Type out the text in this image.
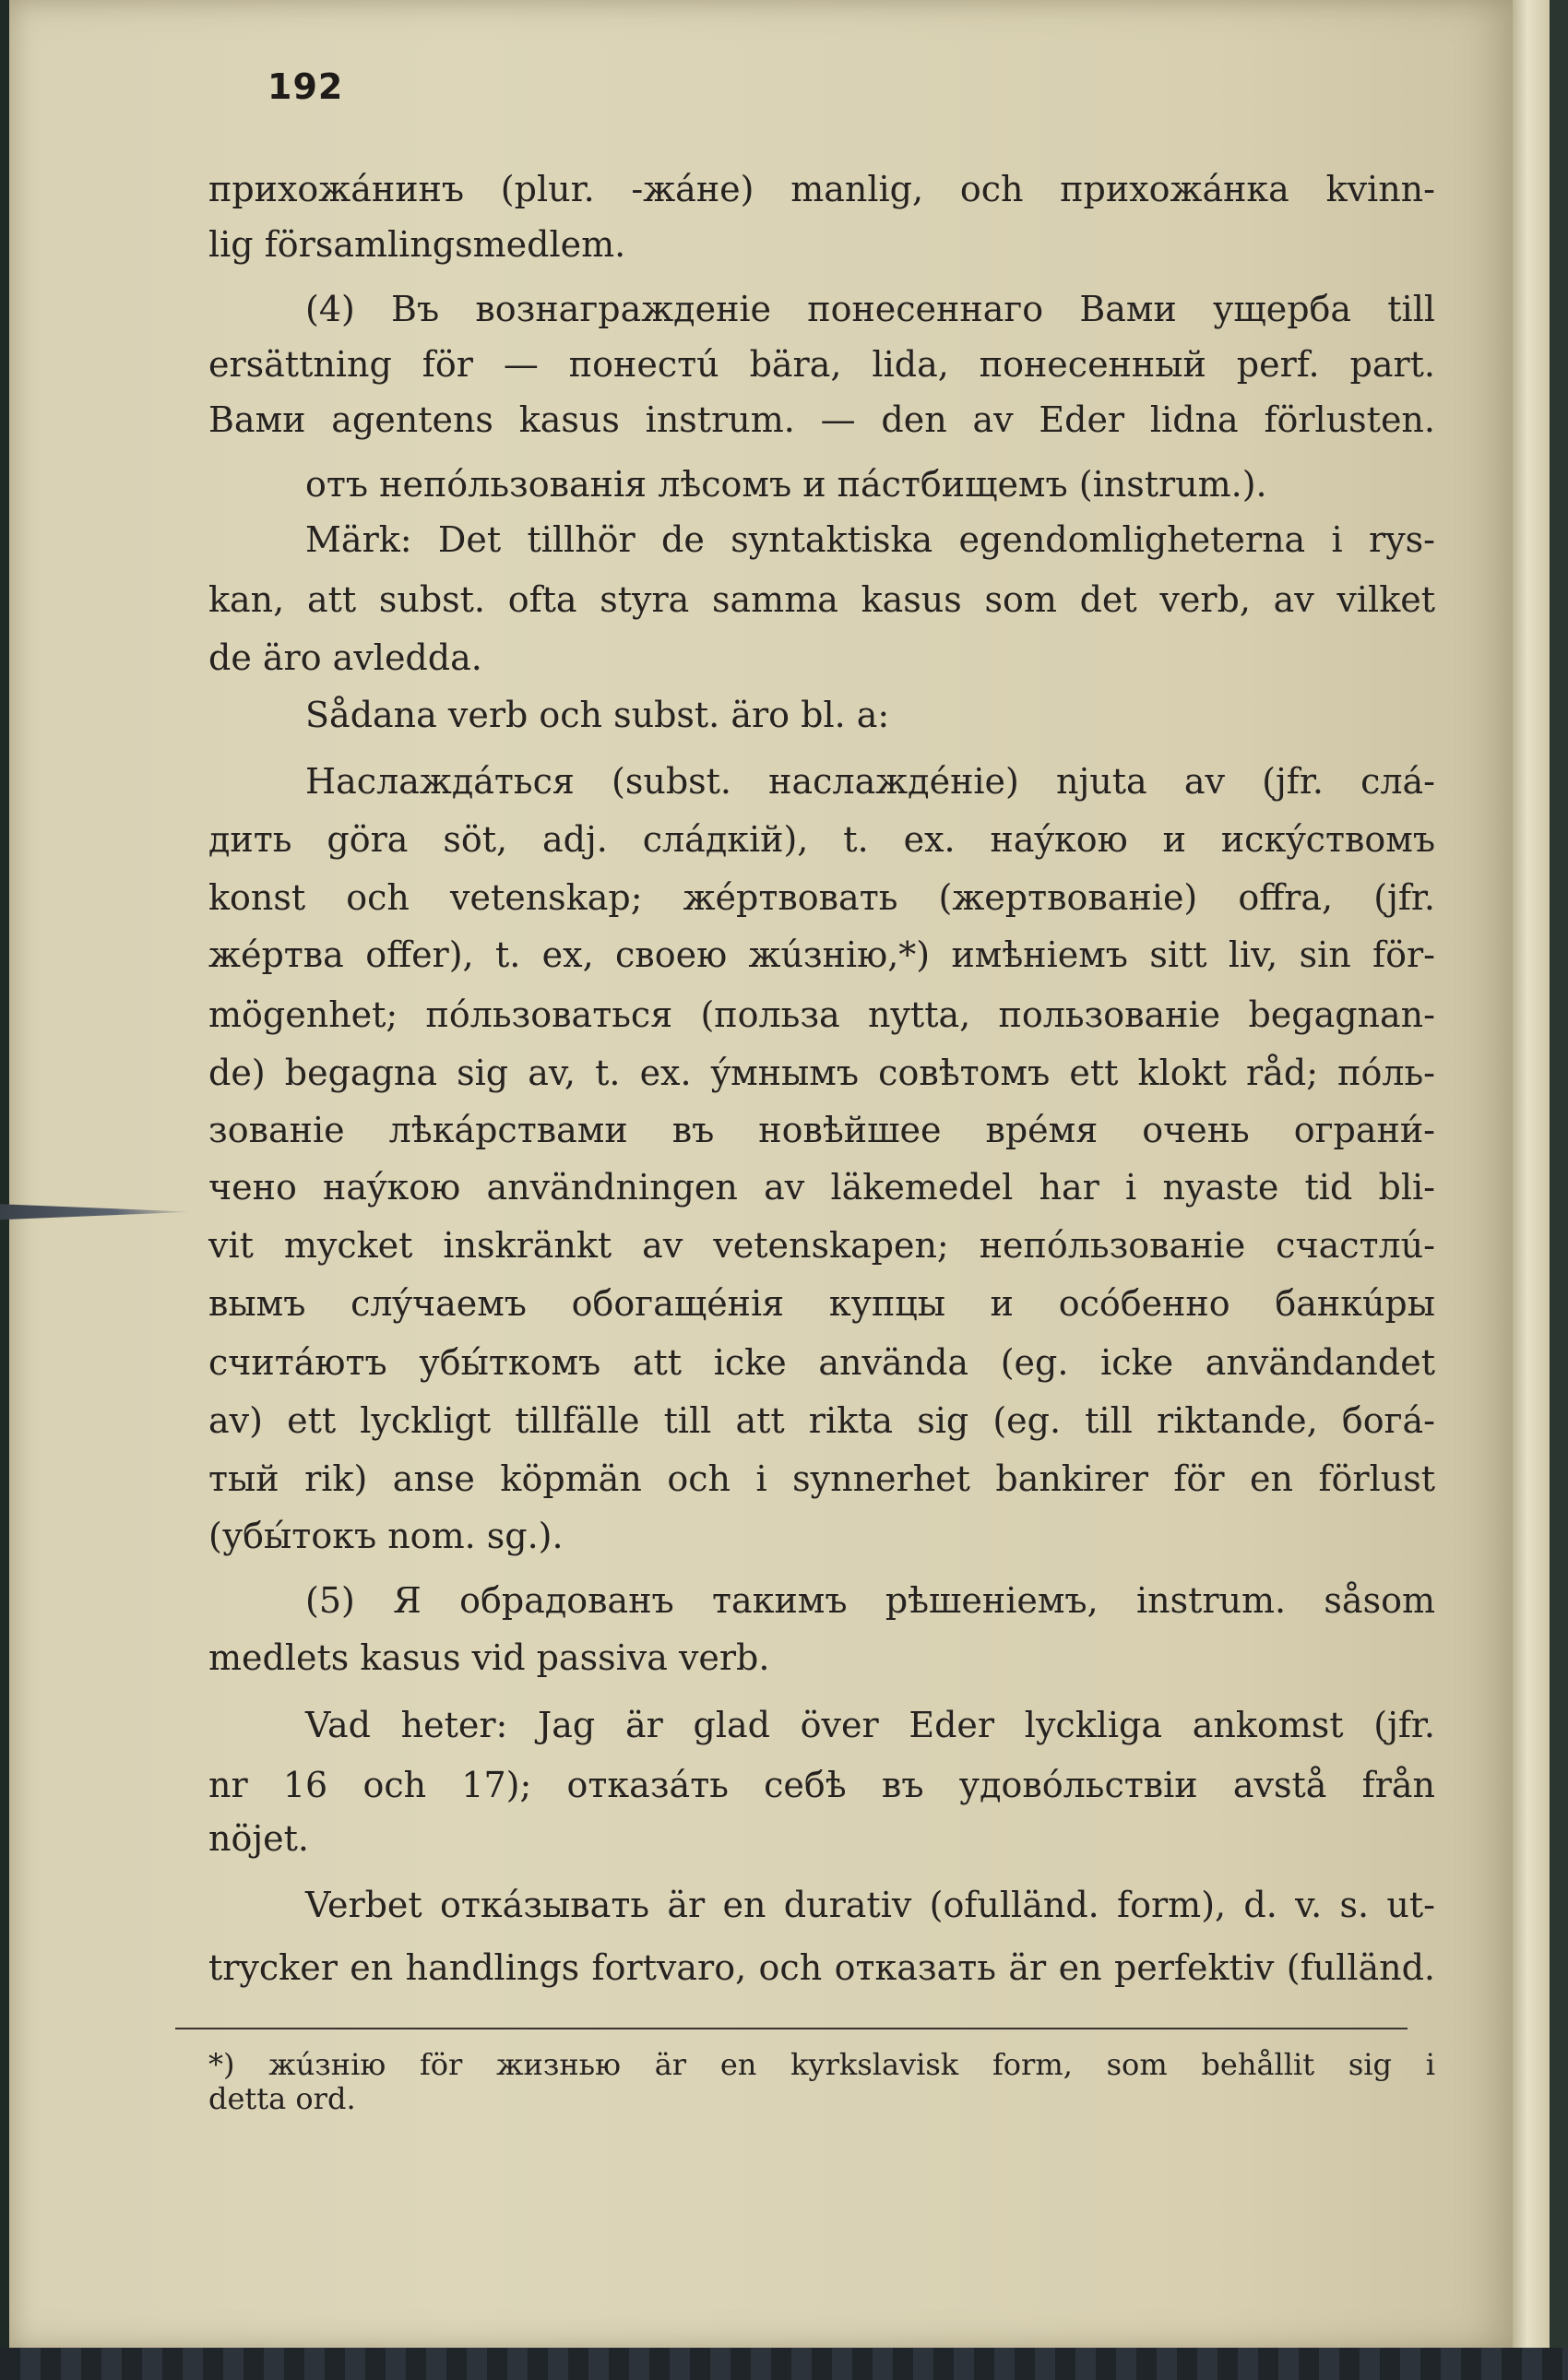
192
прихожáнинъ (plur. -жáне) manlig, och прихожáнка kvinn-
lig församlingsmedlem.
(4) Въ вознагражденіе понесеннаго Вами ущерба till
ersättning för — понестú bära, lida, понесенный perf. part.
Вами agentens kasus instrum. — den av Eder lidna förlusten.
отъ непóльзованія лѣсомъ и пáстбищемъ (instrum.).
Märk: Det tillhör de syntaktiska egendomligheterna i rys-
kan, att subst. ofta styra samma kasus som det verb, av vilket
de äro avledda.
Sådana verb och subst. äro bl. a:
Наслаждáться (subst. наслаждéніе) njuta av (jfr. слá-
дить göra söt, adj. слáдкій), t. ex. наýкою и искýствомъ
konst och vetenskap; жéртвовать (жертвованіе) offra, (jfr.
жéртва offer), t. ex, своею жúзнію,*) имѣніемъ sitt liv, sin för-
mögenhet; пóльзоваться (польза nytta, пользованіе begagnan-
de) begagna sig av, t. ex. ýмнымъ совѣтомъ ett klokt råd; пóль-
зованіе лѣкáрствами въ новѣйшее врéмя очень ограни́-
чено наýкою användningen av läkemedel har i nyaste tid bli-
vit mycket inskränkt av vetenskapen; непóльзованіе счастлú-
вымъ слýчаемъ обогащéнія купцы и осóбенно банкúры
считáютъ убы́ткомъ att icke använda (eg. icke användandet
av) ett lyckligt tillfälle till att rikta sig (eg. till riktande, богá-
тый rik) anse köpmän och i synnerhet bankirer för en förlust
(убы́токъ nom. sg.).
(5) Я обрадованъ такимъ рѣшеніемъ, instrum. såsom
medlets kasus vid passiva verb.
Vad heter: Jag är glad över Eder lyckliga ankomst (jfr.
nr 16 och 17); отказáть себѣ въ удовóльствіи avstå från
nöjet.
Verbet откáзывать är en durativ (ofulländ. form), d. v. s. ut-
trycker en handlings fortvaro, och отказать är en perfektiv (fulländ.
*) жúзнію för жизнью är en kyrkslavisk form, som behållit sig i
detta ord.
